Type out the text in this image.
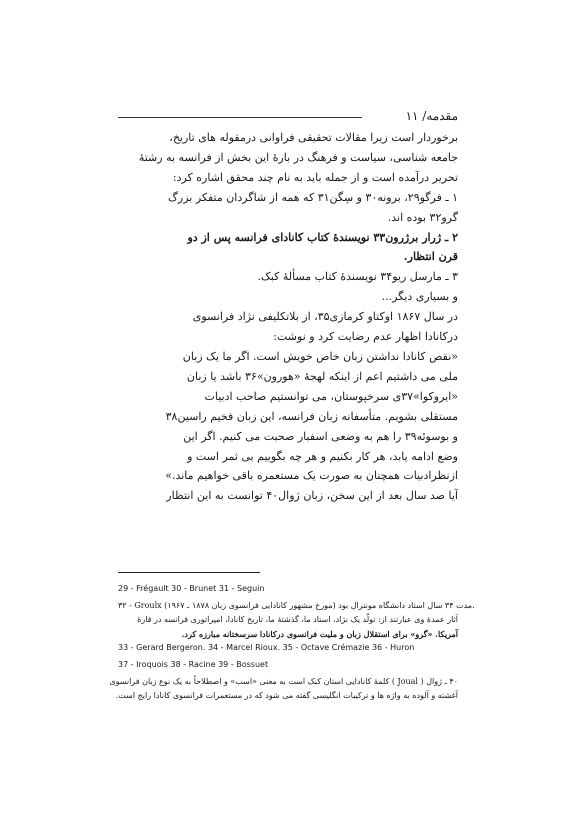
مقدمه/ ۱۱

برخوردار است زیرا مقالات تحقیقی فراوانی درمقوله های تاریخ،

جامعه شناسی، سیاست و فرهنگ در بارهٔ این بخش از فرانسه به رشتهٔ

تحریر درآمده است و از جمله باید به نام چند محقق اشاره کرد:

۱ ـ فرگو۲۹، برونه۳۰ و سِگن۳۱ که همه از شاگردان متفکر بزرگ

گرو۳۲ بوده اند.

۲ ـ ژرار برژرون۳۳ نویسندهٔ کتاب کانادای فرانسه پس از دو

قرن انتظار.

۳ ـ مارسل ریو۳۴ نویسندهٔ کتاب مسألهٔ کبک.

و بسیاری دیگر...

در سال ۱۸۶۷ اوکتاو کرمازی۳۵، از بلاتکلیفی نژاد فرانسوی

درکانادا اظهار عدم رضایت کرد و نوشت:

«نقص کانادا نداشتن زبان خاص خویش است. اگر ما یک زبان

ملی می داشتیم اعم از اینکه لهجهٔ «هورون»۳۶ باشد یا زبان

«ایروکوا»۳۷ی سرخپوستان، می توانستیم صاحب ادبیات

مستقلی بشویم. متأسفانه زبان فرانسه، این زبان فخیم راسین۳۸

و بوسوئه۳۹ را هم به وضعی اسفبار صحبت می کنیم. اگر این

وضع ادامه یابد، هر کار بکنیم و هر چه بگوییم بی ثمر است و

ازنظرادبیات همچنان به صورت یک مستعمره باقی خواهیم ماند.»

آیا صد سال بعد از این سخن، زبان ژوال۴۰ توانست به این انتظار

29 - Frégault 30 - Brunet 31 - Seguin

۳۲ - Groulx (مورخ مشهور کانادایی فرانسوی زبان ۱۸۷۸ ـ ۱۹۶۷) مدت ۳۴ سال استاد دانشگاه مونترال بود.

آثار عمدهٔ وی عبارتند از: تولّد یک نژاد، استاد ما، گذشتهٔ ما، تاریخ کانادا، امپراتوری فرانسه در قارهٔ

آمریکا. «گرو» برای استقلال زبان و ملیت فرانسوی درکانادا سرسختانه مبارزه کرد.

33 - Gerard Bergeron. 34 - Marcel Rioux. 35 - Octave Crémazie 36 - Huron

37 - Iroquois 38 - Racine 39 - Bossuet

۴۰ ـ ژوال ( Joual ) کلمهٔ کانادایی استان کبک است به معنی «اسب» و اصطلاحاً به یک نوع زبان فرانسوی

آغشته و آلوده به واژه ها و ترکیبات انگلیسی گفته می شود که در مستعمرات فرانسوی کانادا رایج است.
